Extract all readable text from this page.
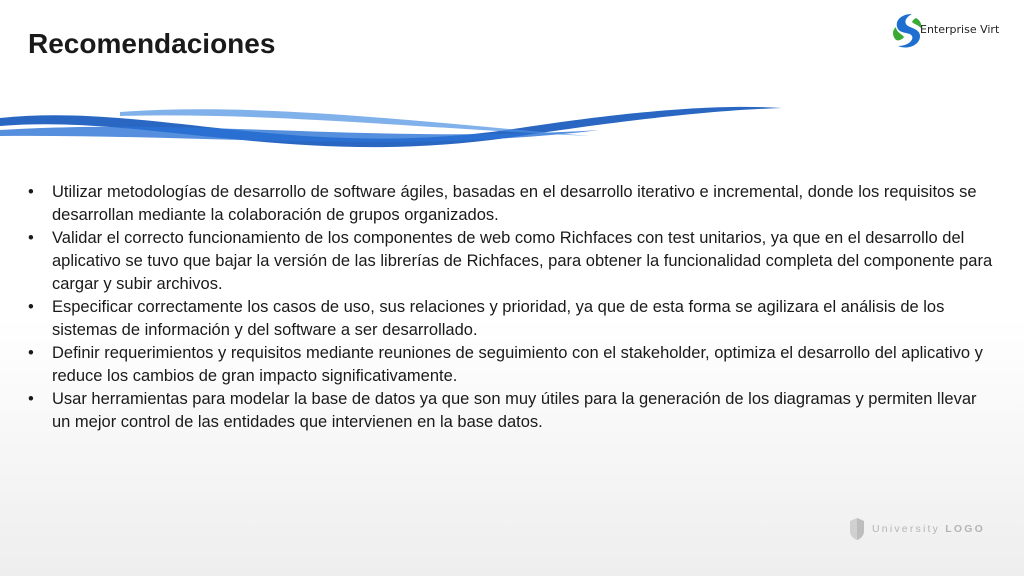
Recomendaciones	Enterprise Virt
• Utilizar metodologías de desarrollo de software ágiles, basadas en el desarrollo iterativo e incremental, donde los requisitos se desarrollan mediante la colaboración de grupos organizados.
• Validar el correcto funcionamiento de los componentes de web como Richfaces con test unitarios, ya que en el desarrollo del aplicativo se tuvo que bajar la versión de las librerías de Richfaces, para obtener la funcionalidad completa del componente para cargar y subir archivos.
• Especificar correctamente los casos de uso, sus relaciones y prioridad, ya que de esta forma se agilizara el análisis de los sistemas de información y del software a ser desarrollado.
• Definir requerimientos y requisitos mediante reuniones de seguimiento con el stakeholder, optimiza el desarrollo del aplicativo y reduce los cambios de gran impacto significativamente.
• Usar herramientas para modelar la base de datos ya que son muy útiles para la generación de los diagramas y permiten llevar un mejor control de las entidades que intervienen en la base datos.
University LOGO
